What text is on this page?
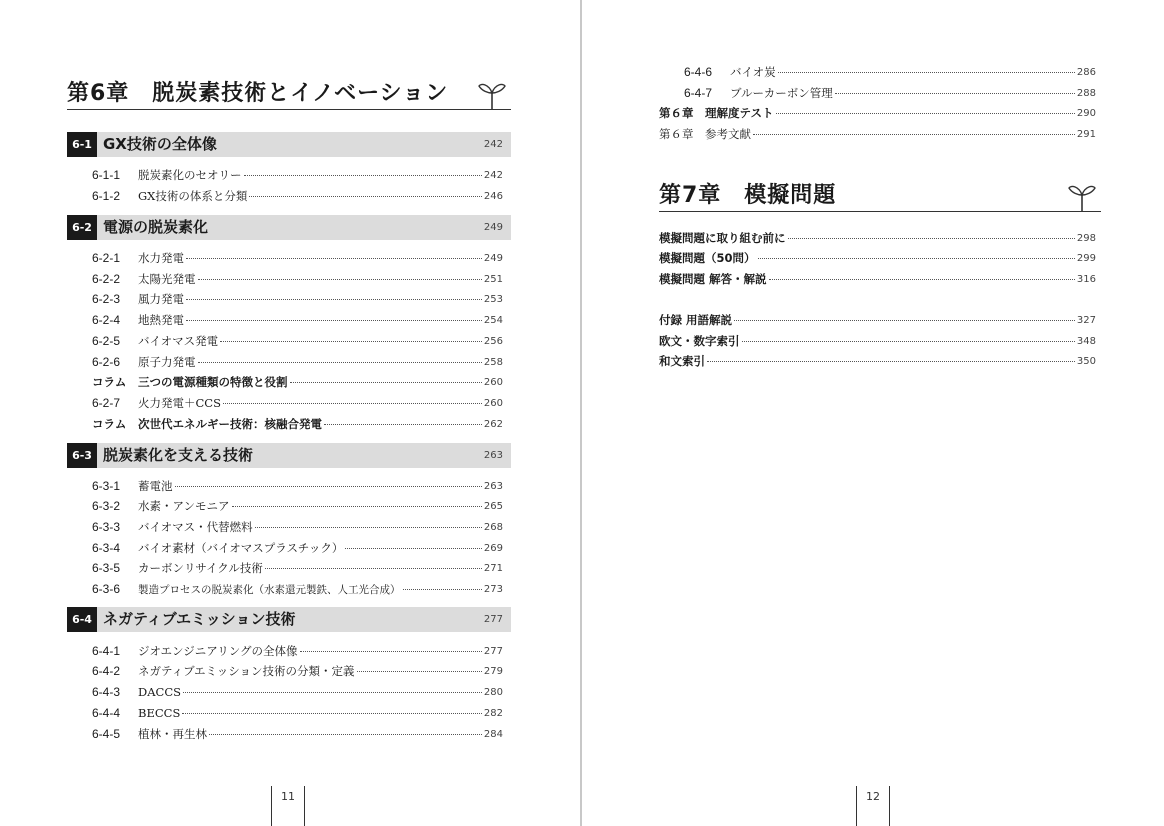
第6章　脱炭素技術とイノベーション
6-1 GX技術の全体像	242
6-1-1	脱炭素化のセオリー	242
6-1-2	GX技術の体系と分類	246
6-2 電源の脱炭素化	249
6-2-1	水力発電	249
6-2-2	太陽光発電	251
6-2-3	風力発電	253
6-2-4	地熱発電	254
6-2-5	バイオマス発電	256
6-2-6	原子力発電	258
コラム	三つの電源種類の特徴と役割	260
6-2-7	火力発電＋CCS	260
コラム	次世代エネルギー技術：核融合発電	262
6-3 脱炭素化を支える技術	263
6-3-1	蓄電池	263
6-3-2	水素・アンモニア	265
6-3-3	バイオマス・代替燃料	268
6-3-4	バイオ素材（バイオマスプラスチック）	269
6-3-5	カーボンリサイクル技術	271
6-3-6	製造プロセスの脱炭素化（水素還元製鉄、人工光合成）	273
6-4 ネガティブエミッション技術	277
6-4-1	ジオエンジニアリングの全体像	277
6-4-2	ネガティブエミッション技術の分類・定義	279
6-4-3	DACCS	280
6-4-4	BECCS	282
6-4-5	植林・再生林	284
11
6-4-6	バイオ炭	286
6-4-7	ブルーカーボン管理	288
第６章　理解度テスト	290
第６章　参考文献	291
第7章　模擬問題
模擬問題に取り組む前に	298
模擬問題（50問）	299
模擬問題 解答・解説	316
付録 用語解説	327
欧文・数字索引	348
和文索引	350
12
